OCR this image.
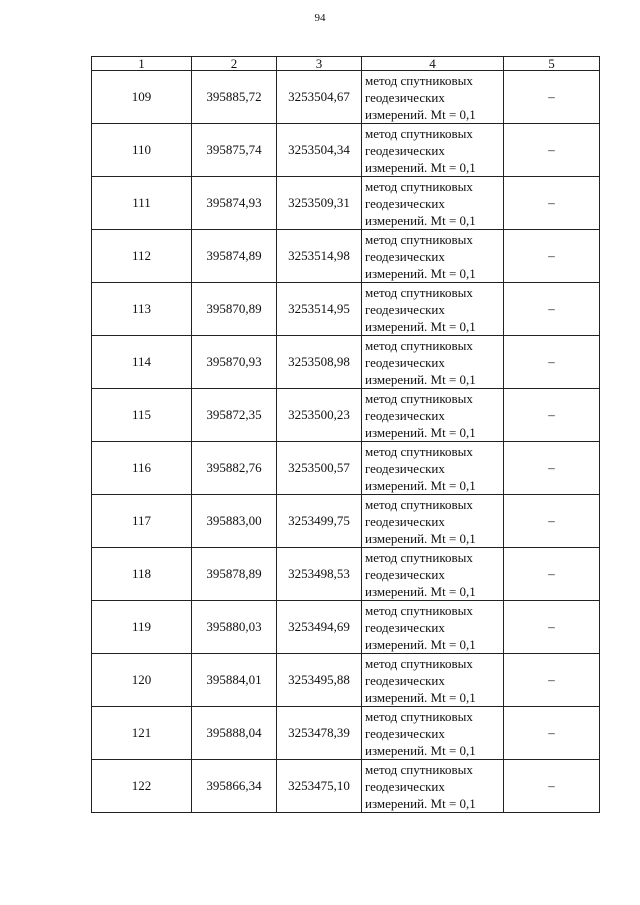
94
1	2	3	4	5
109	395885,72	3253504,67	метод спутниковых
геодезических
измерений. Mt = 0,1	–
110	395875,74	3253504,34	метод спутниковых
геодезических
измерений. Mt = 0,1	–
111	395874,93	3253509,31	метод спутниковых
геодезических
измерений. Mt = 0,1	–
112	395874,89	3253514,98	метод спутниковых
геодезических
измерений. Mt = 0,1	–
113	395870,89	3253514,95	метод спутниковых
геодезических
измерений. Mt = 0,1	–
114	395870,93	3253508,98	метод спутниковых
геодезических
измерений. Mt = 0,1	–
115	395872,35	3253500,23	метод спутниковых
геодезических
измерений. Mt = 0,1	–
116	395882,76	3253500,57	метод спутниковых
геодезических
измерений. Mt = 0,1	–
117	395883,00	3253499,75	метод спутниковых
геодезических
измерений. Mt = 0,1	–
118	395878,89	3253498,53	метод спутниковых
геодезических
измерений. Mt = 0,1	–
119	395880,03	3253494,69	метод спутниковых
геодезических
измерений. Mt = 0,1	–
120	395884,01	3253495,88	метод спутниковых
геодезических
измерений. Mt = 0,1	–
121	395888,04	3253478,39	метод спутниковых
геодезических
измерений. Mt = 0,1	–
122	395866,34	3253475,10	метод спутниковых
геодезических
измерений. Mt = 0,1	–
